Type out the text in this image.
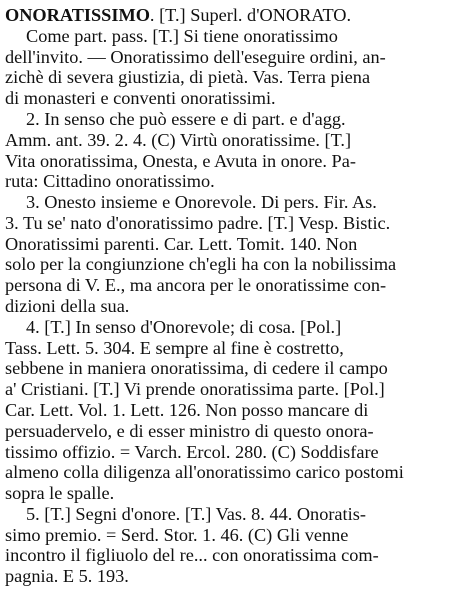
ONORATISSIMO. [T.] Superl. d'ONORATO.
Come part. pass. [T.] Si tiene onoratissimo
dell'invito. — Onoratissimo dell'eseguire ordini, an-
zichè di severa giustizia, di pietà. Vas. Terra piena
di monasteri e conventi onoratissimi.
2. In senso che può essere e di part. e d'agg.
Amm. ant. 39. 2. 4. (C) Virtù onoratissime. [T.]
Vita onoratissima, Onesta, e Avuta in onore. Pa-
ruta: Cittadino onoratissimo.
3. Onesto insieme e Onorevole. Di pers. Fir. As.
3. Tu se' nato d'onoratissimo padre. [T.] Vesp. Bistic.
Onoratissimi parenti. Car. Lett. Tomit. 140. Non
solo per la congiunzione ch'egli ha con la nobilissima
persona di V. E., ma ancora per le onoratissime con-
dizioni della sua.
4. [T.] In senso d'Onorevole; di cosa. [Pol.]
Tass. Lett. 5. 304. E sempre al fine è costretto,
sebbene in maniera onoratissima, di cedere il campo
a' Cristiani. [T.] Vi prende onoratissima parte. [Pol.]
Car. Lett. Vol. 1. Lett. 126. Non posso mancare di
persuadervelo, e di esser ministro di questo onora-
tissimo offizio. = Varch. Ercol. 280. (C) Soddisfare
almeno colla diligenza all'onoratissimo carico postomi
sopra le spalle.
5. [T.] Segni d'onore. [T.] Vas. 8. 44. Onoratis-
simo premio. = Serd. Stor. 1. 46. (C) Gli venne
incontro il figliuolo del re... con onoratissima com-
pagnia. E 5. 193.
